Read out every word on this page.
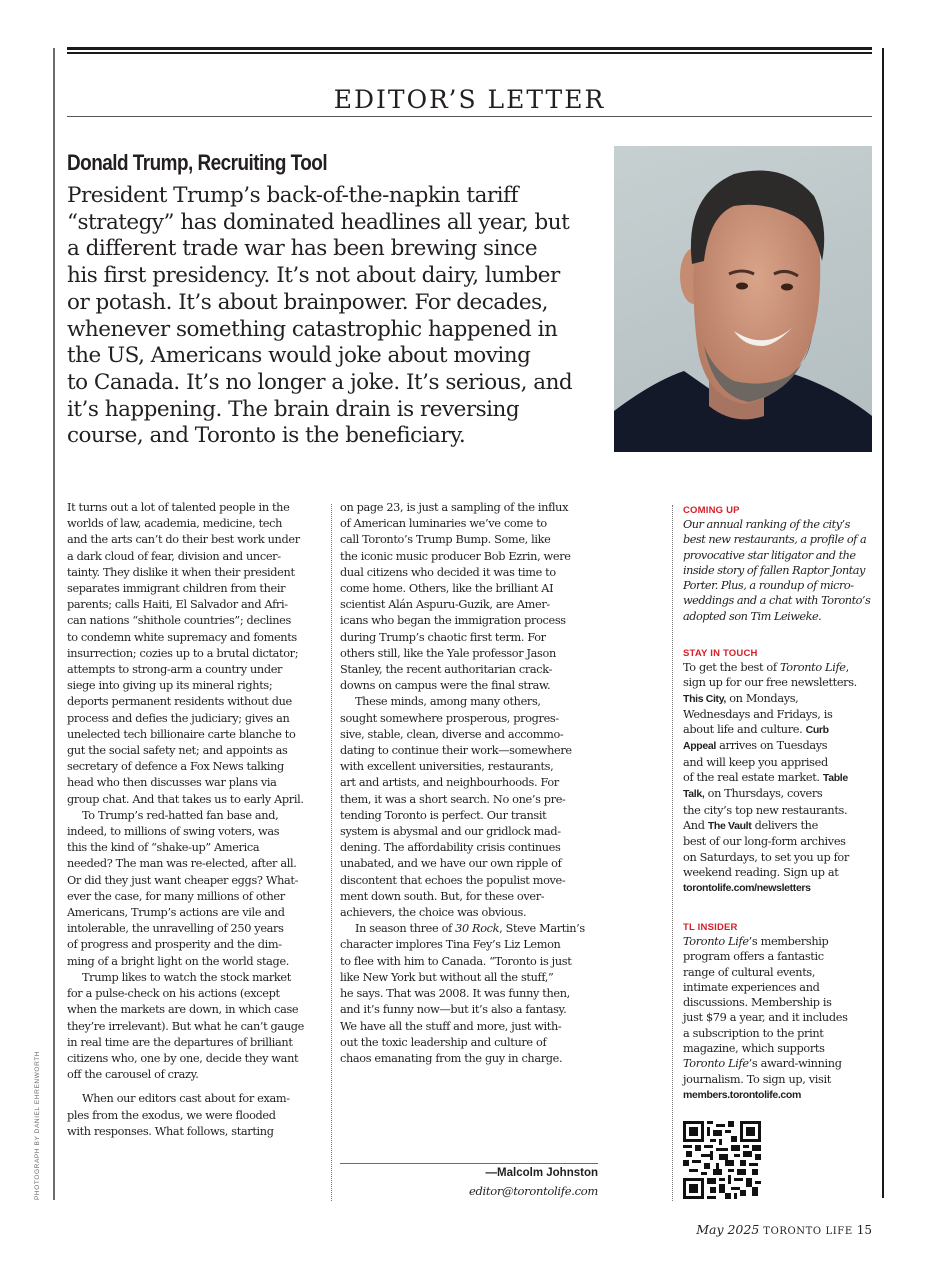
EDITOR’S LETTER
Donald Trump, Recruiting Tool
President Trump’s back-of-the-napkin tariff
“strategy” has dominated headlines all year, but
a different trade war has been brewing since
his first presidency. It’s not about dairy, lumber
or potash. It’s about brainpower. For decades,
whenever something catastrophic happened in
the US, Americans would joke about moving
to Canada. It’s no longer a joke. It’s serious, and
it’s happening. The brain drain is reversing
course, and Toronto is the beneficiary.
It turns out a lot of talented people in the
worlds of law, academia, medicine, tech
and the arts can’t do their best work under
a dark cloud of fear, division and uncer-
tainty. They dislike it when their president
separates immigrant children from their
parents; calls Haiti, El Salvador and Afri-
can nations “shithole countries”; declines
to condemn white supremacy and foments
insurrection; cozies up to a brutal dictator;
attempts to strong-arm a country under
siege into giving up its mineral rights;
deports permanent residents without due
process and defies the judiciary; gives an
unelected tech billionaire carte blanche to
gut the social safety net; and appoints as
secretary of defence a Fox News talking
head who then discusses war plans via
group chat. And that takes us to early April.
To Trump’s red-hatted fan base and,
indeed, to millions of swing voters, was
this the kind of “shake-up” America
needed? The man was re-elected, after all.
Or did they just want cheaper eggs? What-
ever the case, for many millions of other
Americans, Trump’s actions are vile and
intolerable, the unravelling of 250 years
of progress and prosperity and the dim-
ming of a bright light on the world stage.
Trump likes to watch the stock market
for a pulse-check on his actions (except
when the markets are down, in which case
they’re irrelevant). But what he can’t gauge
in real time are the departures of brilliant
citizens who, one by one, decide they want
off the carousel of crazy.
When our editors cast about for exam-
ples from the exodus, we were flooded
with responses. What follows, starting
on page 23, is just a sampling of the influx
of American luminaries we’ve come to
call Toronto’s Trump Bump. Some, like
the iconic music producer Bob Ezrin, were
dual citizens who decided it was time to
come home. Others, like the brilliant AI
scientist Alán Aspuru-Guzik, are Amer-
icans who began the immigration process
during Trump’s chaotic first term. For
others still, like the Yale professor Jason
Stanley, the recent authoritarian crack-
downs on campus were the final straw.
These minds, among many others,
sought somewhere prosperous, progres-
sive, stable, clean, diverse and accommo-
dating to continue their work—somewhere
with excellent universities, restaurants,
art and artists, and neighbourhoods. For
them, it was a short search. No one’s pre-
tending Toronto is perfect. Our transit
system is abysmal and our gridlock mad-
dening. The affordability crisis continues
unabated, and we have our own ripple of
discontent that echoes the populist move-
ment down south. But, for these over-
achievers, the choice was obvious.
In season three of 30 Rock, Steve Martin’s
character implores Tina Fey’s Liz Lemon
to flee with him to Canada. “Toronto is just
like New York but without all the stuff,”
he says. That was 2008. It was funny then,
and it’s funny now—but it’s also a fantasy.
We have all the stuff and more, just with-
out the toxic leadership and culture of
chaos emanating from the guy in charge.
—Malcolm Johnston
editor@torontolife.com
COMING UP
Our annual ranking of the city’s
best new restaurants, a profile of a
provocative star litigator and the
inside story of fallen Raptor Jontay
Porter. Plus, a roundup of micro-
weddings and a chat with Toronto’s
adopted son Tim Leiweke.
STAY IN TOUCH
To get the best of Toronto Life,
sign up for our free newsletters.
This City, on Mondays,
Wednesdays and Fridays, is
about life and culture. Curb
Appeal arrives on Tuesdays
and will keep you apprised
of the real estate market. Table
Talk, on Thursdays, covers
the city’s top new restaurants.
And The Vault delivers the
best of our long-form archives
on Saturdays, to set you up for
weekend reading. Sign up at
torontolife.com/newsletters
TL INSIDER
Toronto Life’s membership
program offers a fantastic
range of cultural events,
intimate experiences and
discussions. Membership is
just $79 a year, and it includes
a subscription to the print
magazine, which supports
Toronto Life’s award-winning
journalism. To sign up, visit
members.torontolife.com
PHOTOGRAPH BY DANIEL EHRENWORTH
May 2025 TORONTO LIFE 15
